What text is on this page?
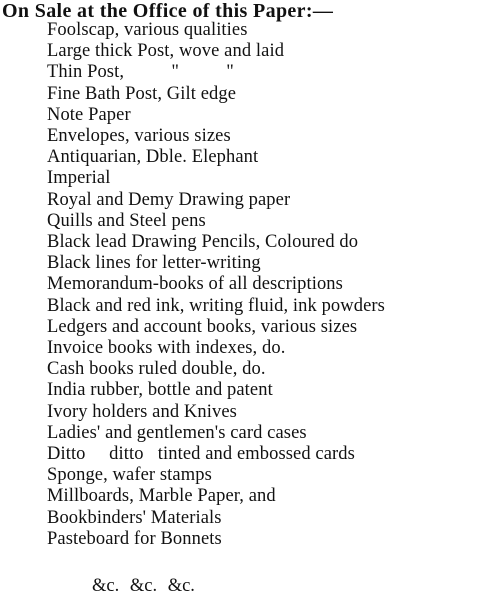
On Sale at the Office of this Paper:—
Foolscap, various qualities
Large thick Post, wove and laid
Thin Post,          "          "
Fine Bath Post, Gilt edge
Note Paper
Envelopes, various sizes
Antiquarian, Dble. Elephant
Imperial
Royal and Demy Drawing paper
Quills and Steel pens
Black lead Drawing Pencils, Coloured do
Black lines for letter-writing
Memorandum-books of all descriptions
Black and red ink, writing fluid, ink powders
Ledgers and account books, various sizes
Invoice books with indexes, do.
Cash books ruled double, do.
India rubber, bottle and patent
Ivory holders and Knives
Ladies' and gentlemen's card cases
Ditto     ditto   tinted and embossed cards
Sponge, wafer stamps
Millboards, Marble Paper, and
Bookbinders' Materials
Pasteboard for Bonnets
&c. &c. &c.
